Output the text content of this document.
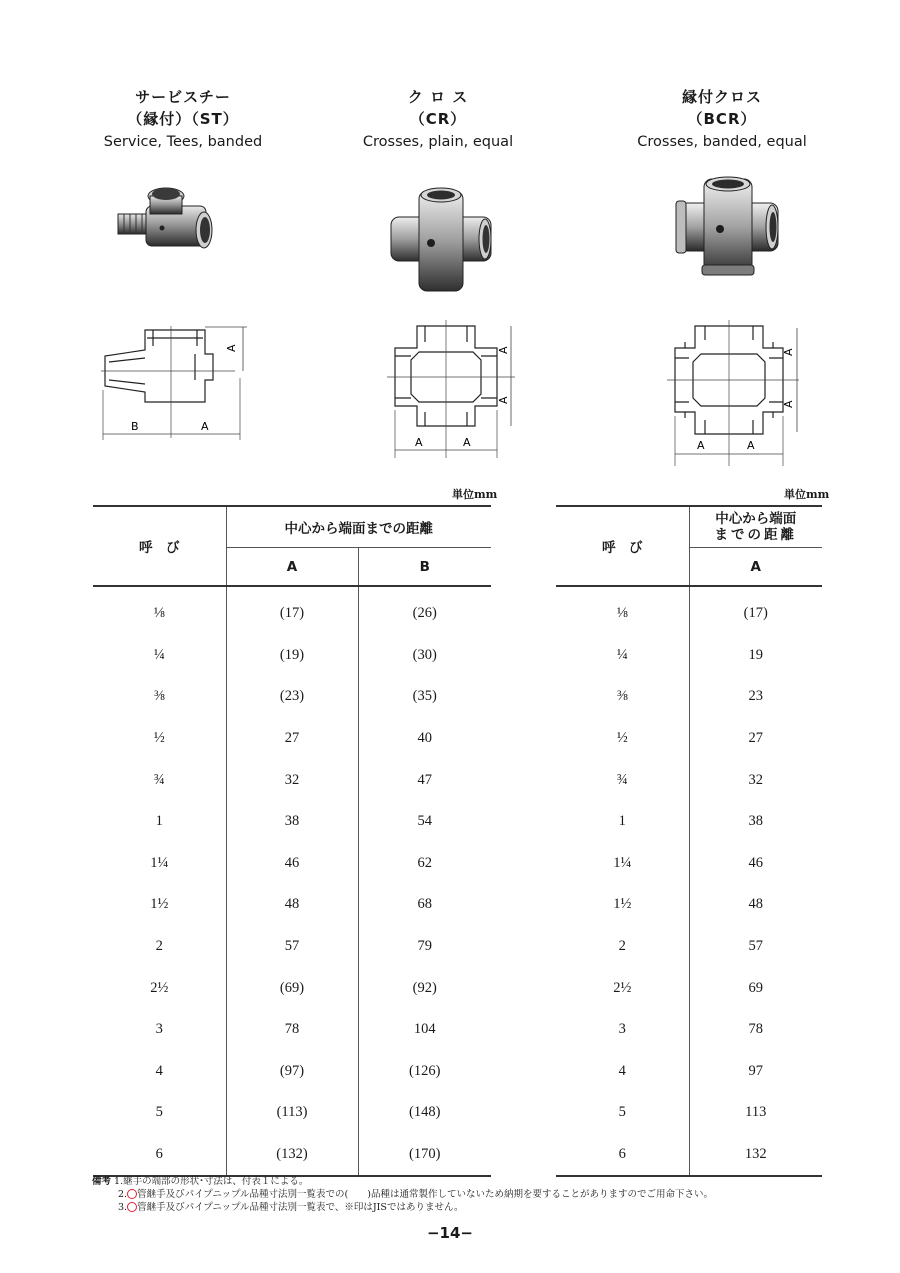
サービスチー
（縁付）（ST）
Service, Tees, banded
ク ロ ス
（CR）
Crosses, plain, equal
縁付クロス
（BCR）
Crosses, banded, equal
B	A
A
A	A
A
A
A	A
A
A
単位mm	単位mm
呼　び	中心から端面までの距離	
	A	B
⅛	(17)	(26)
¼	(19)	(30)
⅜	(23)	(35)
½	27	40
¾	32	47
1	38	54
1¼	46	62
1½	48	68
2	57	79
2½	(69)	(92)
3	78	104
4	(97)	(126)
5	(113)	(148)
6	(132)	(170)
呼　び	中心から端面
までの距離

	A
⅛	(17)
¼	19
⅜	23
½	27
¾	32
1	38
1¼	46
1½	48
2	57
2½	69
3	78
4	97
5	113
6	132
備考 1.継手の端部の形状･寸法は、付表１による。
2.○管継手及びパイプニップル品種寸法別一覧表での(　　)品種は通常製作していないため納期を要することがありますのでご用命下さい。
3.○管継手及びパイプニップル品種寸法別一覧表で、※印はJISではありません。
−14−
